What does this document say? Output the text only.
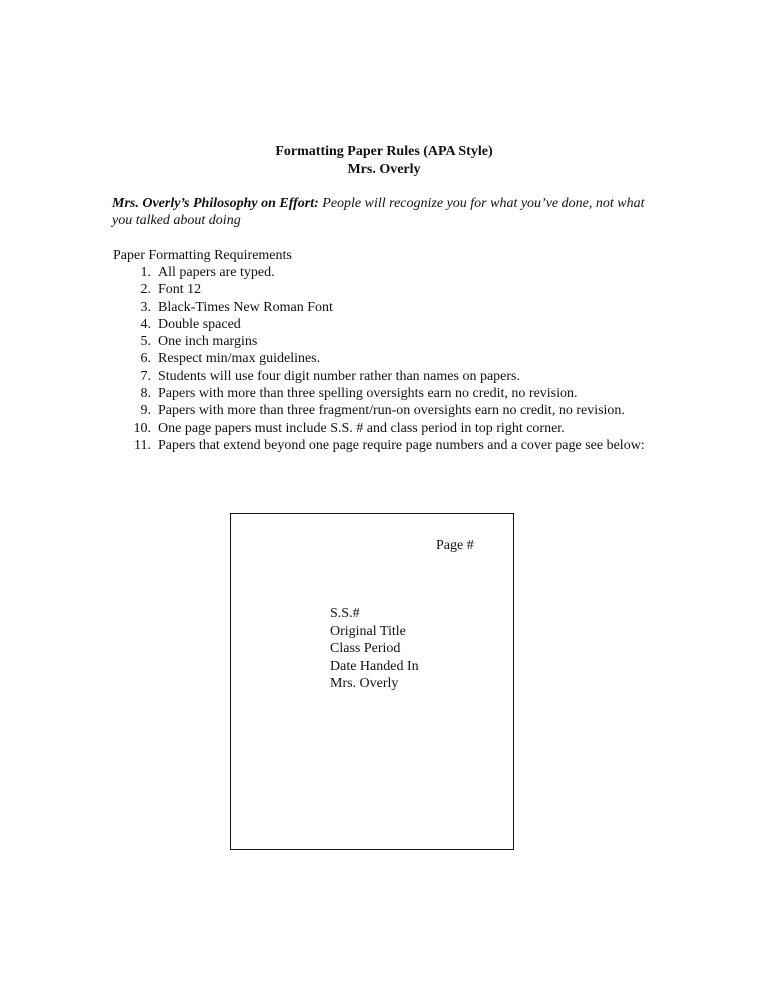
Formatting Paper Rules (APA Style)
Mrs. Overly
Mrs. Overly’s Philosophy on Effort: People will recognize you for what you’ve done, not what you talked about doing
Paper Formatting Requirements
1. All papers are typed.
2. Font 12
3. Black-Times New Roman Font
4. Double spaced
5. One inch margins
6. Respect min/max guidelines.
7. Students will use four digit number rather than names on papers.
8. Papers with more than three spelling oversights earn no credit, no revision.
9. Papers with more than three fragment/run-on oversights earn no credit, no revision.
10. One page papers must include S.S. # and class period in top right corner.
11. Papers that extend beyond one page require page numbers and a cover page see below:
Page #
S.S.#
Original Title
Class Period
Date Handed In
Mrs. Overly
